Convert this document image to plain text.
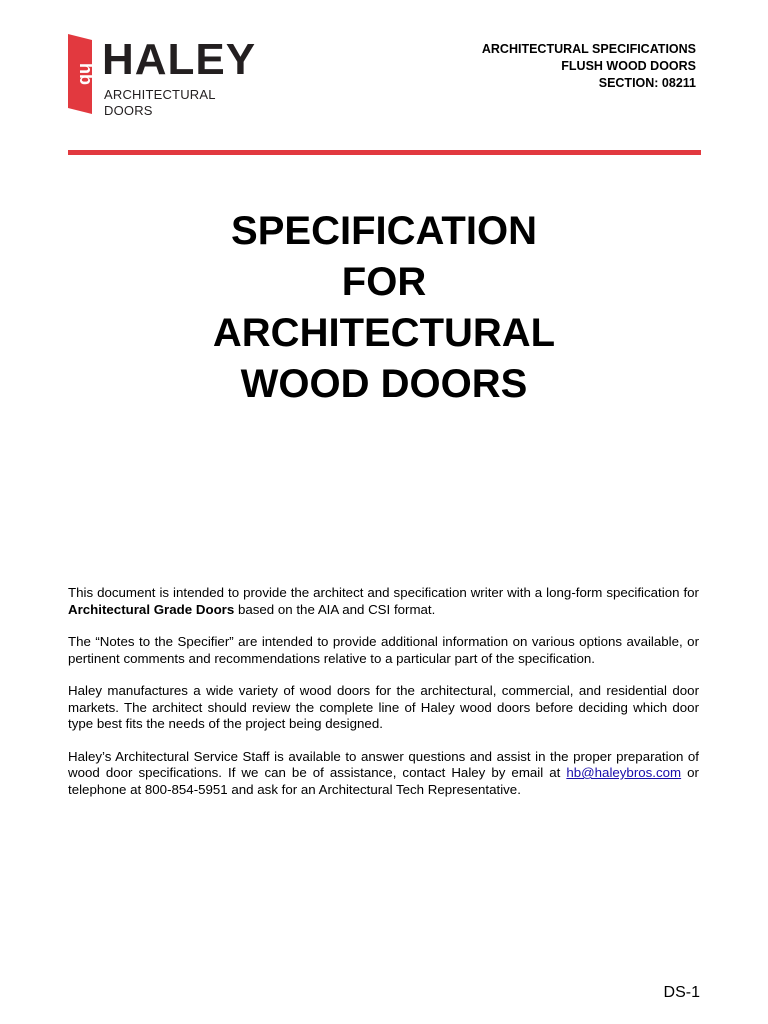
hb HALEY
ARCHITECTURAL DOORS
ARCHITECTURAL SPECIFICATIONS
FLUSH WOOD DOORS
SECTION: 08211
SPECIFICATION
FOR
ARCHITECTURAL
WOOD DOORS

This document is intended to provide the architect and specification writer with a long-form specification for Architectural Grade Doors based on the AIA and CSI format.

The “Notes to the Specifier” are intended to provide additional information on various options available, or pertinent comments and recommendations relative to a particular part of the specification.

Haley manufactures a wide variety of wood doors for the architectural, commercial, and residential door markets. The architect should review the complete line of Haley wood doors before deciding which door type best fits the needs of the project being designed.

Haley’s Architectural Service Staff is available to answer questions and assist in the proper preparation of wood door specifications. If we can be of assistance, contact Haley by email at hb@haleybros.com or telephone at 800-854-5951 and ask for an Architectural Tech Representative.

DS-1
